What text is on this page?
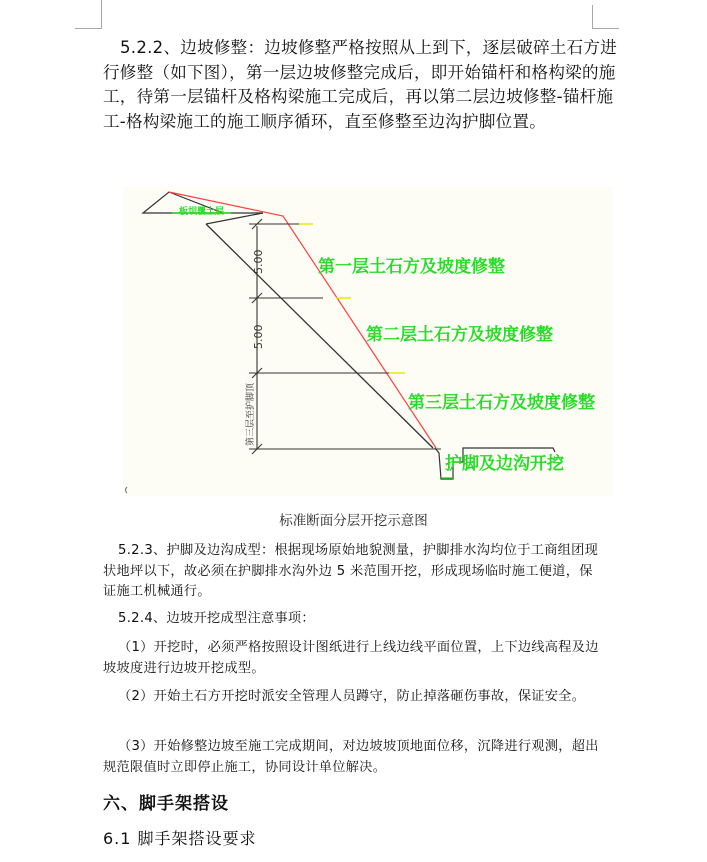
5.2.2、边坡修整：边坡修整严格按照从上到下，逐层破碎土石方进行修整（如下图），第一层边坡修整完成后，即开始锚杆和格构梁的施工，待第一层锚杆及格构梁施工完成后，再以第二层边坡修整-锚杆施工-格构梁施工的施工顺序循环，直至修整至边沟护脚位置。

板坝覆土层
5.00
5.00
第三层至护脚顶
第一层土石方及坡度修整
第二层土石方及坡度修整
第三层土石方及坡度修整
护脚及边沟开挖
标准断面分层开挖示意图

5.2.3、护脚及边沟成型：根据现场原始地貌测量，护脚排水沟均位于工商组团现状地坪以下，故必须在护脚排水沟外边 5 米范围开挖，形成现场临时施工便道，保证施工机械通行。

5.2.4、边坡开挖成型注意事项：

（1）开挖时，必须严格按照设计图纸进行上线边线平面位置，上下边线高程及边坡坡度进行边坡开挖成型。

（2）开始土石方开挖时派安全管理人员蹲守，防止掉落砸伤事故，保证安全。

（3）开始修整边坡至施工完成期间，对边坡坡顶地面位移，沉降进行观测，超出规范限值时立即停止施工，协同设计单位解决。

六、脚手架搭设

6.1 脚手架搭设要求
